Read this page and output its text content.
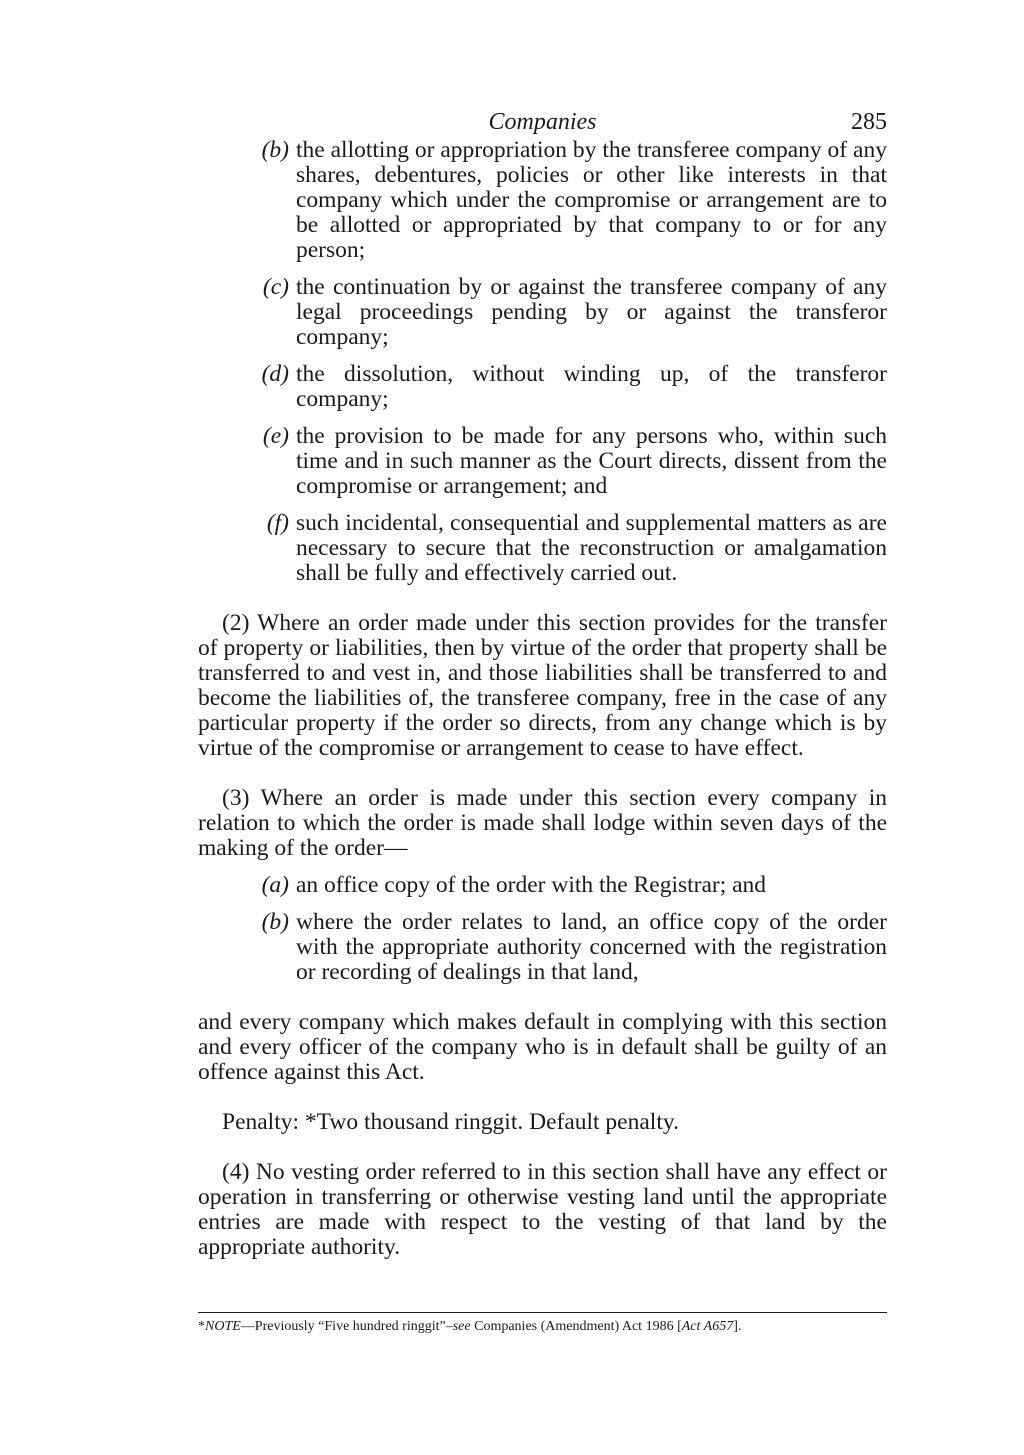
Companies	285
(b) the allotting or appropriation by the transferee company of any shares, debentures, policies or other like interests in that company which under the compromise or arrangement are to be allotted or appropriated by that company to or for any person;
(c) the continuation by or against the transferee company of any legal proceedings pending by or against the transferor company;
(d) the dissolution, without winding up, of the transferor company;
(e) the provision to be made for any persons who, within such time and in such manner as the Court directs, dissent from the compromise or arrangement; and
(f) such incidental, consequential and supplemental matters as are necessary to secure that the reconstruction or amalgamation shall be fully and effectively carried out.

(2) Where an order made under this section provides for the transfer of property or liabilities, then by virtue of the order that property shall be transferred to and vest in, and those liabilities shall be transferred to and become the liabilities of, the transferee company, free in the case of any particular property if the order so directs, from any change which is by virtue of the compromise or arrangement to cease to have effect.

(3) Where an order is made under this section every company in relation to which the order is made shall lodge within seven days of the making of the order—

(a) an office copy of the order with the Registrar; and
(b) where the order relates to land, an office copy of the order with the appropriate authority concerned with the registration or recording of dealings in that land,

and every company which makes default in complying with this section and every officer of the company who is in default shall be guilty of an offence against this Act.

Penalty: *Two thousand ringgit. Default penalty.

(4) No vesting order referred to in this section shall have any effect or operation in transferring or otherwise vesting land until the appropriate entries are made with respect to the vesting of that land by the appropriate authority.

*NOTE—Previously “Five hundred ringgit”–see Companies (Amendment) Act 1986 [Act A657].
